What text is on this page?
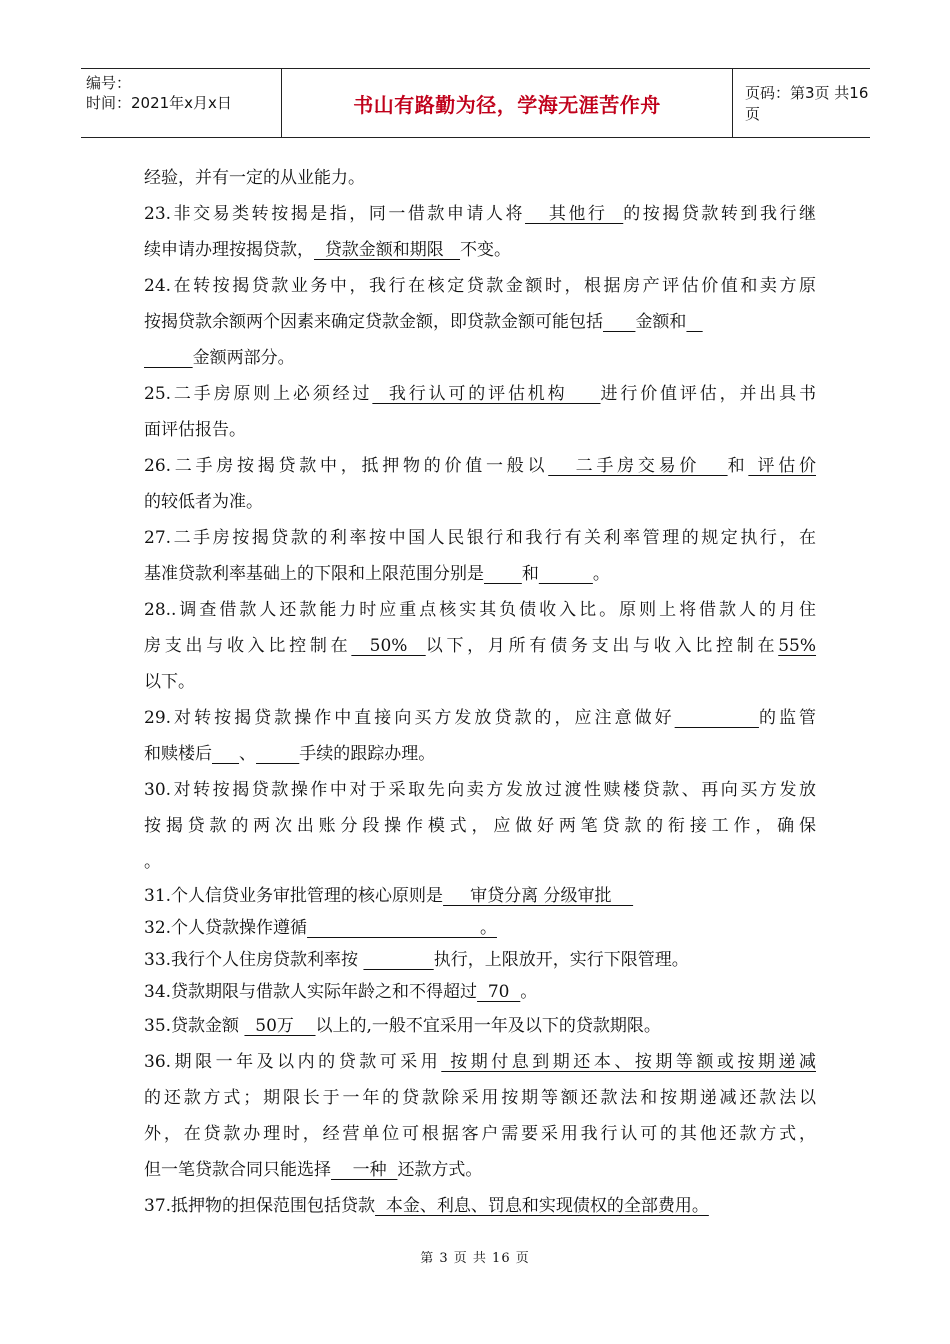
编号：
时间：2021年x月x日	书山有路勤为径，学海无涯苦作舟	页码：第3页 共16页
经验，并有一定的从业能力。
23.非交易类转按揭是指，同一借款申请人将   其他行  的按揭贷款转到我行继
续申请办理按揭贷款，  贷款金额和期限   不变。
24.在转按揭贷款业务中，我行在核定贷款金额时，根据房产评估价值和卖方原
按揭贷款余额两个因素来确定贷款金额，即贷款金额可能包括 金额和
金额两部分。
25.二手房原则上必须经过  我行认可的评估机构    进行价值评估，并出具书
面评估报告。
26.二手房按揭贷款中，抵押物的价值一般以   二手房交易价   和 评估价
的较低者为准。
27.二手房按揭贷款的利率按中国人民银行和我行有关利率管理的规定执行，在
基准贷款利率基础上的下限和上限范围分别是 和	。
28..调查借款人还款能力时应重点核实其负债收入比。原则上将借款人的月住
房支出与收入比控制在  50%  以下，月所有债务支出与收入比控制在55%
以下。
29.对转按揭贷款操作中直接向买方发放贷款的，应注意做好	的监管
和赎楼后 、	手续的跟踪办理。
30.对转按揭贷款操作中对于采取先向卖方发放过渡性赎楼贷款、再向买方发放
按揭贷款的两次出账分段操作模式，应做好两笔贷款的衔接工作，确保
。
31.个人信贷业务审批管理的核心原则是     审贷分离 分级审批
32.个人贷款操作遵循                                。
33.我行个人住房贷款利率按	执行，上限放开，实行下限管理。
34.贷款期限与借款人实际年龄之和不得超过  70  。
35.贷款金额   50万    以上的,一般不宜采用一年及以下的贷款期限。
36.期限一年及以内的贷款可采用 按期付息到期还本、按期等额或按期递减
的还款方式；期限长于一年的贷款除采用按期等额还款法和按期递减还款法以
外，在贷款办理时，经营单位可根据客户需要采用我行认可的其他还款方式，
但一笔贷款合同只能选择    一种  还款方式。
37.抵押物的担保范围包括贷款  本金、利息、罚息和实现债权的全部费用。
第 3 页 共 16 页
